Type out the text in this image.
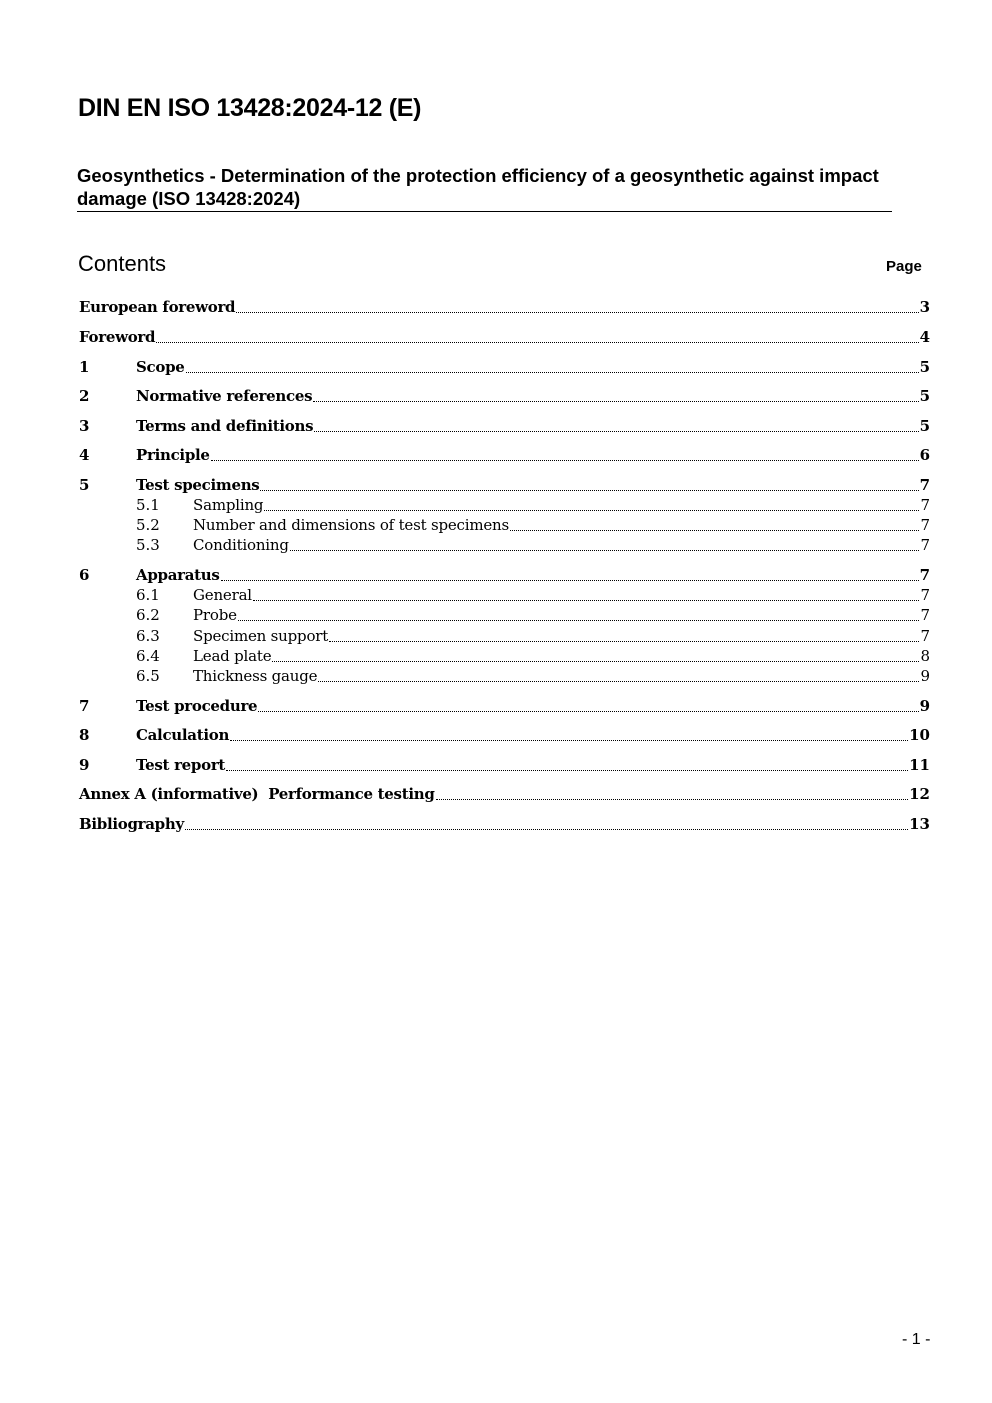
DIN EN ISO 13428:2024-12 (E)
Geosynthetics - Determination of the protection efficiency of a geosynthetic against impact damage (ISO 13428:2024)
Contents	Page
European foreword	3
Foreword	4
1	Scope	5
2	Normative references	5
3	Terms and definitions	5
4	Principle	6
5	Test specimens	7
5.1	Sampling	7
5.2	Number and dimensions of test specimens	7
5.3	Conditioning	7
6	Apparatus	7
6.1	General	7
6.2	Probe	7
6.3	Specimen support	7
6.4	Lead plate	8
6.5	Thickness gauge	9
7	Test procedure	9
8	Calculation	10
9	Test report	11
Annex A (informative)  Performance testing	12
Bibliography	13
- 1 -
